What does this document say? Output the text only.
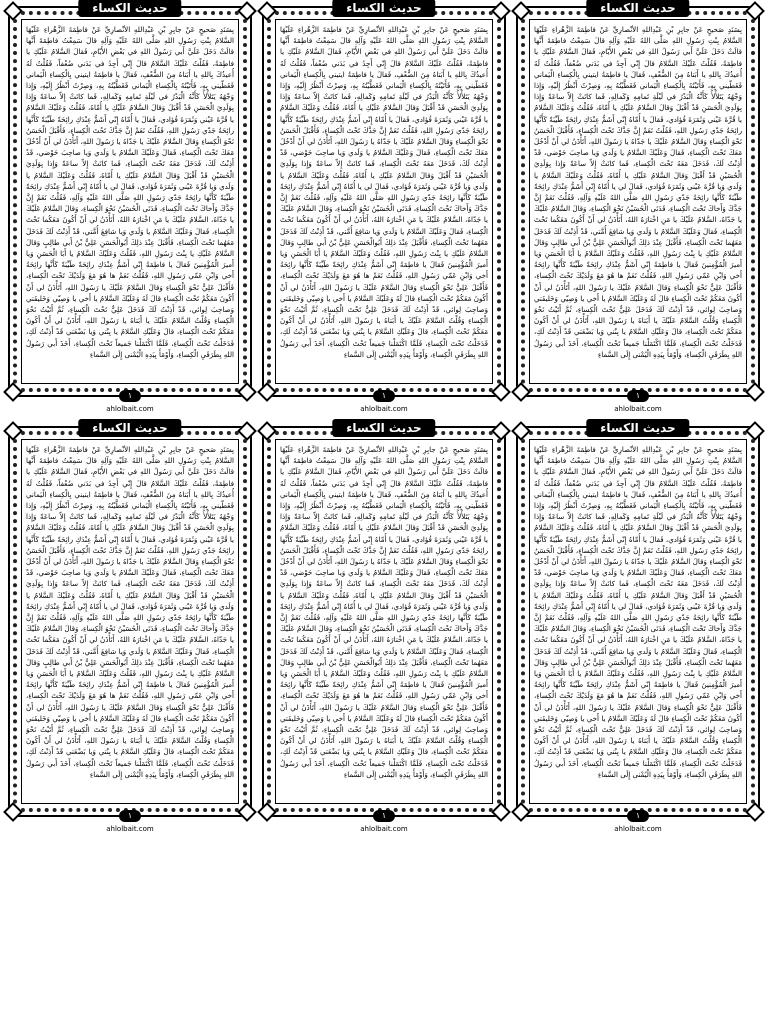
حديث الكساء
بِسَنَدٍ صَحيحٍ عَنْ جابِرِ بْنِ عَبْدِاللهِ الأنْصارِيِّ عَنْ فاطِمَةَ الزَّهْراءِ عَلَيْهَا السَّلامُ بِنْتِ رَسُولِ اللهِ صَلَّى اللهُ عَلَيْهِ وَآلِهِ قالَ سَمِعْتُ فاطِمَةَ أَنَّها قالَتْ دَخَلَ عَلَيَّ أَبي رَسُولُ اللهِ في بَعْضِ الأَيّامِ، فَقالَ السَّلامُ عَلَيْكِ يا فاطِمَةُ، فَقُلْتُ عَلَيْكَ السَّلامُ قالَ إِنّي أَجِدُ في بَدَني ضُعْفاً، فَقُلْتُ لَهُ أُعيذُكَ بِاللهِ يا أَبَتاهُ مِنَ الضُّعْفِ، فَقالَ يا فاطِمَةُ ايتيني بِالْكِساءِ الْيَماني فَغَطّيني بِهِ، فَأَتَيْتُهُ بِالْكِساءِ الْيَماني فَغَطَّيْتُهُ بِهِ، وَصِرْتُ أَنْظُرُ إِلَيْهِ، وَإِذا وَجْهُهُ يَتَلأْلأُ كَأَنَّهُ الْبَدْرُ في لَيْلَةِ تَمامِهِ وَكَمالِهِ، فَما كانَتْ إِلاّ ساعَةً وَإِذا بِوَلَدِيَ الْحَسَنِ قَدْ أَقْبَلَ وَقالَ السَّلامُ عَلَيْكِ يا أُمّاهُ، فَقُلْتُ وَعَلَيْكَ السَّلامُ يا قُرَّةَ عَيْني وَثَمَرَةَ فُؤادي، فَقالَ يا أُمّاهُ إِنّي أَشَمُّ عِنْدَكِ رائِحَةً طَيِّبَةً كَأَنَّها رائِحَةُ جَدّي رَسُولِ اللهِ، فَقُلْتُ نَعَمْ إِنَّ جَدَّكَ تَحْتَ الْكِساءِ، فَأَقْبَلَ الْحَسَنُ نَحْوَ الْكِساءِ وَقالَ السَّلامُ عَلَيْكَ يا جَدّاهُ يا رَسُولَ اللهِ، أَتَأْذَنُ لي أَنْ أَدْخُلَ مَعَكَ تَحْتَ الْكِساءِ، فَقالَ وَعَلَيْكَ السَّلامُ يا وَلَدي وَيا صاحِبَ حَوْضي، قَدْ أَذِنْتُ لَكَ، فَدَخَلَ مَعَهُ تَحْتَ الْكِساءِ، فَما كانَتْ إِلاّ ساعَةً وَإِذا بِوَلَدِيَ الْحُسَيْنِ قَدْ أَقْبَلَ وَقالَ السَّلامُ عَلَيْكِ يا أُمّاهُ، فَقُلْتُ وَعَلَيْكَ السَّلامُ يا وَلَدي وَيا قُرَّةَ عَيْني وَثَمَرَةَ فُؤادي، فَقالَ لي يا أُمّاهُ إِنّي أَشَمُّ عِنْدَكِ رائِحَةً طَيِّبَةً كَأَنَّها رائِحَةُ جَدّي رَسُولِ اللهِ صَلَّى اللهُ عَلَيْهِ وَآلِهِ، فَقُلْتُ نَعَمْ إِنَّ جَدَّكَ وَأَخاكَ تَحْتَ الْكِساءِ، فَدَنَى الْحُسَيْنُ نَحْوَ الْكِساءِ، وَقالَ السَّلامُ عَلَيْكَ يا جَدّاهُ، السَّلامُ عَلَيْكَ يا مَنِ اخْتارَهُ اللهُ، أَتَأْذَنُ لي أَنْ أَكُونَ مَعَكُما تَحْتَ الْكِساءِ، فَقالَ وَعَلَيْكَ السَّلامُ يا وَلَدي وَيا شافِعَ أُمَّتي، قَدْ أَذِنْتُ لَكَ فَدَخَلَ مَعَهُما تَحْتَ الْكِساءِ، فَأَقْبَلَ عِنْدَ ذلِكَ أَبُوالْحَسَنِ عَلِيُّ بْنُ أَبي طالِبٍ وَقالَ السَّلامُ عَلَيْكِ يا بِنْتَ رَسُولِ اللهِ، فَقُلْتُ وَعَلَيْكَ السَّلامُ يا أَبَا الْحَسَنِ وَيا أَميرَ الْمُؤْمِنينَ فَقالَ يا فاطِمَةُ إِنّي أَشَمُّ عِنْدَكِ رائِحَةً طَيِّبَةً كَأَنَّها رائِحَةُ أَخي وَابْنِ عَمّي رَسُولِ اللهِ، فَقُلْتُ نَعَمْ ها هُوَ مَعَ وَلَدَيْكَ تَحْتَ الْكِساءِ، فَأَقْبَلَ عَلِيٌّ نَحْوَ الْكِساءِ وَقالَ السَّلامُ عَلَيْكَ يا رَسُولَ اللهِ، أَتَأْذَنُ لي أَنْ أَكُونَ مَعَكُمْ تَحْتَ الْكِساءِ قالَ لَهُ وَعَلَيْكَ السَّلامُ يا أَخي يا وَصِيّي وَخَليفَتي وَصاحِبَ لِوائي، قَدْ أَذِنْتُ لَكَ فَدَخَلَ عَلِيٌّ تَحْتَ الْكِساءِ، ثُمَّ أَتَيْتُ نَحْوَ الْكِساءِ وَقُلْتُ السَّلامُ عَلَيْكَ يا أَبَتاهُ يا رَسُولَ اللهِ، أَتَأْذَنُ لي أَنْ أَكُونَ مَعَكُمْ تَحْتَ الْكِساءِ، قالَ وَعَلَيْكِ السَّلامُ يا بِنْتي وَيا بَضْعَتي قَدْ أَذِنْتُ لَكِ، فَدَخَلْتُ تَحْتَ الْكِساءِ، فَلَمَّا اكْتَمَلْنا جَميعاً تَحْتَ الْكِساءِ، أَخَذَ أَبي رَسُولُ اللهِ بِطَرَفَيِ الْكِساءِ، وَأَوْمَأَ بِيَدِهِ الْيُمْنى إِلَى السَّماءِ
١
ahlolbait.com
حديث الكساء
بِسَنَدٍ صَحيحٍ عَنْ جابِرِ بْنِ عَبْدِاللهِ الأنْصارِيِّ عَنْ فاطِمَةَ الزَّهْراءِ عَلَيْهَا السَّلامُ بِنْتِ رَسُولِ اللهِ صَلَّى اللهُ عَلَيْهِ وَآلِهِ قالَ سَمِعْتُ فاطِمَةَ أَنَّها قالَتْ دَخَلَ عَلَيَّ أَبي رَسُولُ اللهِ في بَعْضِ الأَيّامِ، فَقالَ السَّلامُ عَلَيْكِ يا فاطِمَةُ، فَقُلْتُ عَلَيْكَ السَّلامُ قالَ إِنّي أَجِدُ في بَدَني ضُعْفاً، فَقُلْتُ لَهُ أُعيذُكَ بِاللهِ يا أَبَتاهُ مِنَ الضُّعْفِ، فَقالَ يا فاطِمَةُ ايتيني بِالْكِساءِ الْيَماني فَغَطّيني بِهِ، فَأَتَيْتُهُ بِالْكِساءِ الْيَماني فَغَطَّيْتُهُ بِهِ، وَصِرْتُ أَنْظُرُ إِلَيْهِ، وَإِذا وَجْهُهُ يَتَلأْلأُ كَأَنَّهُ الْبَدْرُ في لَيْلَةِ تَمامِهِ وَكَمالِهِ، فَما كانَتْ إِلاّ ساعَةً وَإِذا بِوَلَدِيَ الْحَسَنِ قَدْ أَقْبَلَ وَقالَ السَّلامُ عَلَيْكِ يا أُمّاهُ، فَقُلْتُ وَعَلَيْكَ السَّلامُ يا قُرَّةَ عَيْني وَثَمَرَةَ فُؤادي، فَقالَ يا أُمّاهُ إِنّي أَشَمُّ عِنْدَكِ رائِحَةً طَيِّبَةً كَأَنَّها رائِحَةُ جَدّي رَسُولِ اللهِ، فَقُلْتُ نَعَمْ إِنَّ جَدَّكَ تَحْتَ الْكِساءِ، فَأَقْبَلَ الْحَسَنُ نَحْوَ الْكِساءِ وَقالَ السَّلامُ عَلَيْكَ يا جَدّاهُ يا رَسُولَ اللهِ، أَتَأْذَنُ لي أَنْ أَدْخُلَ مَعَكَ تَحْتَ الْكِساءِ، فَقالَ وَعَلَيْكَ السَّلامُ يا وَلَدي وَيا صاحِبَ حَوْضي، قَدْ أَذِنْتُ لَكَ، فَدَخَلَ مَعَهُ تَحْتَ الْكِساءِ، فَما كانَتْ إِلاّ ساعَةً وَإِذا بِوَلَدِيَ الْحُسَيْنِ قَدْ أَقْبَلَ وَقالَ السَّلامُ عَلَيْكِ يا أُمّاهُ، فَقُلْتُ وَعَلَيْكَ السَّلامُ يا وَلَدي وَيا قُرَّةَ عَيْني وَثَمَرَةَ فُؤادي، فَقالَ لي يا أُمّاهُ إِنّي أَشَمُّ عِنْدَكِ رائِحَةً طَيِّبَةً كَأَنَّها رائِحَةُ جَدّي رَسُولِ اللهِ صَلَّى اللهُ عَلَيْهِ وَآلِهِ، فَقُلْتُ نَعَمْ إِنَّ جَدَّكَ وَأَخاكَ تَحْتَ الْكِساءِ، فَدَنَى الْحُسَيْنُ نَحْوَ الْكِساءِ، وَقالَ السَّلامُ عَلَيْكَ يا جَدّاهُ، السَّلامُ عَلَيْكَ يا مَنِ اخْتارَهُ اللهُ، أَتَأْذَنُ لي أَنْ أَكُونَ مَعَكُما تَحْتَ الْكِساءِ، فَقالَ وَعَلَيْكَ السَّلامُ يا وَلَدي وَيا شافِعَ أُمَّتي، قَدْ أَذِنْتُ لَكَ فَدَخَلَ مَعَهُما تَحْتَ الْكِساءِ، فَأَقْبَلَ عِنْدَ ذلِكَ أَبُوالْحَسَنِ عَلِيُّ بْنُ أَبي طالِبٍ وَقالَ السَّلامُ عَلَيْكِ يا بِنْتَ رَسُولِ اللهِ، فَقُلْتُ وَعَلَيْكَ السَّلامُ يا أَبَا الْحَسَنِ وَيا أَميرَ الْمُؤْمِنينَ فَقالَ يا فاطِمَةُ إِنّي أَشَمُّ عِنْدَكِ رائِحَةً طَيِّبَةً كَأَنَّها رائِحَةُ أَخي وَابْنِ عَمّي رَسُولِ اللهِ، فَقُلْتُ نَعَمْ ها هُوَ مَعَ وَلَدَيْكَ تَحْتَ الْكِساءِ، فَأَقْبَلَ عَلِيٌّ نَحْوَ الْكِساءِ وَقالَ السَّلامُ عَلَيْكَ يا رَسُولَ اللهِ، أَتَأْذَنُ لي أَنْ أَكُونَ مَعَكُمْ تَحْتَ الْكِساءِ قالَ لَهُ وَعَلَيْكَ السَّلامُ يا أَخي يا وَصِيّي وَخَليفَتي وَصاحِبَ لِوائي، قَدْ أَذِنْتُ لَكَ فَدَخَلَ عَلِيٌّ تَحْتَ الْكِساءِ، ثُمَّ أَتَيْتُ نَحْوَ الْكِساءِ وَقُلْتُ السَّلامُ عَلَيْكَ يا أَبَتاهُ يا رَسُولَ اللهِ، أَتَأْذَنُ لي أَنْ أَكُونَ مَعَكُمْ تَحْتَ الْكِساءِ، قالَ وَعَلَيْكِ السَّلامُ يا بِنْتي وَيا بَضْعَتي قَدْ أَذِنْتُ لَكِ، فَدَخَلْتُ تَحْتَ الْكِساءِ، فَلَمَّا اكْتَمَلْنا جَميعاً تَحْتَ الْكِساءِ، أَخَذَ أَبي رَسُولُ اللهِ بِطَرَفَيِ الْكِساءِ، وَأَوْمَأَ بِيَدِهِ الْيُمْنى إِلَى السَّماءِ
١
ahlolbait.com
حديث الكساء
بِسَنَدٍ صَحيحٍ عَنْ جابِرِ بْنِ عَبْدِاللهِ الأنْصارِيِّ عَنْ فاطِمَةَ الزَّهْراءِ عَلَيْهَا السَّلامُ بِنْتِ رَسُولِ اللهِ صَلَّى اللهُ عَلَيْهِ وَآلِهِ قالَ سَمِعْتُ فاطِمَةَ أَنَّها قالَتْ دَخَلَ عَلَيَّ أَبي رَسُولُ اللهِ في بَعْضِ الأَيّامِ، فَقالَ السَّلامُ عَلَيْكِ يا فاطِمَةُ، فَقُلْتُ عَلَيْكَ السَّلامُ قالَ إِنّي أَجِدُ في بَدَني ضُعْفاً، فَقُلْتُ لَهُ أُعيذُكَ بِاللهِ يا أَبَتاهُ مِنَ الضُّعْفِ، فَقالَ يا فاطِمَةُ ايتيني بِالْكِساءِ الْيَماني فَغَطّيني بِهِ، فَأَتَيْتُهُ بِالْكِساءِ الْيَماني فَغَطَّيْتُهُ بِهِ، وَصِرْتُ أَنْظُرُ إِلَيْهِ، وَإِذا وَجْهُهُ يَتَلأْلأُ كَأَنَّهُ الْبَدْرُ في لَيْلَةِ تَمامِهِ وَكَمالِهِ، فَما كانَتْ إِلاّ ساعَةً وَإِذا بِوَلَدِيَ الْحَسَنِ قَدْ أَقْبَلَ وَقالَ السَّلامُ عَلَيْكِ يا أُمّاهُ، فَقُلْتُ وَعَلَيْكَ السَّلامُ يا قُرَّةَ عَيْني وَثَمَرَةَ فُؤادي، فَقالَ يا أُمّاهُ إِنّي أَشَمُّ عِنْدَكِ رائِحَةً طَيِّبَةً كَأَنَّها رائِحَةُ جَدّي رَسُولِ اللهِ، فَقُلْتُ نَعَمْ إِنَّ جَدَّكَ تَحْتَ الْكِساءِ، فَأَقْبَلَ الْحَسَنُ نَحْوَ الْكِساءِ وَقالَ السَّلامُ عَلَيْكَ يا جَدّاهُ يا رَسُولَ اللهِ، أَتَأْذَنُ لي أَنْ أَدْخُلَ مَعَكَ تَحْتَ الْكِساءِ، فَقالَ وَعَلَيْكَ السَّلامُ يا وَلَدي وَيا صاحِبَ حَوْضي، قَدْ أَذِنْتُ لَكَ، فَدَخَلَ مَعَهُ تَحْتَ الْكِساءِ، فَما كانَتْ إِلاّ ساعَةً وَإِذا بِوَلَدِيَ الْحُسَيْنِ قَدْ أَقْبَلَ وَقالَ السَّلامُ عَلَيْكِ يا أُمّاهُ، فَقُلْتُ وَعَلَيْكَ السَّلامُ يا وَلَدي وَيا قُرَّةَ عَيْني وَثَمَرَةَ فُؤادي، فَقالَ لي يا أُمّاهُ إِنّي أَشَمُّ عِنْدَكِ رائِحَةً طَيِّبَةً كَأَنَّها رائِحَةُ جَدّي رَسُولِ اللهِ صَلَّى اللهُ عَلَيْهِ وَآلِهِ، فَقُلْتُ نَعَمْ إِنَّ جَدَّكَ وَأَخاكَ تَحْتَ الْكِساءِ، فَدَنَى الْحُسَيْنُ نَحْوَ الْكِساءِ، وَقالَ السَّلامُ عَلَيْكَ يا جَدّاهُ، السَّلامُ عَلَيْكَ يا مَنِ اخْتارَهُ اللهُ، أَتَأْذَنُ لي أَنْ أَكُونَ مَعَكُما تَحْتَ الْكِساءِ، فَقالَ وَعَلَيْكَ السَّلامُ يا وَلَدي وَيا شافِعَ أُمَّتي، قَدْ أَذِنْتُ لَكَ فَدَخَلَ مَعَهُما تَحْتَ الْكِساءِ، فَأَقْبَلَ عِنْدَ ذلِكَ أَبُوالْحَسَنِ عَلِيُّ بْنُ أَبي طالِبٍ وَقالَ السَّلامُ عَلَيْكِ يا بِنْتَ رَسُولِ اللهِ، فَقُلْتُ وَعَلَيْكَ السَّلامُ يا أَبَا الْحَسَنِ وَيا أَميرَ الْمُؤْمِنينَ فَقالَ يا فاطِمَةُ إِنّي أَشَمُّ عِنْدَكِ رائِحَةً طَيِّبَةً كَأَنَّها رائِحَةُ أَخي وَابْنِ عَمّي رَسُولِ اللهِ، فَقُلْتُ نَعَمْ ها هُوَ مَعَ وَلَدَيْكَ تَحْتَ الْكِساءِ، فَأَقْبَلَ عَلِيٌّ نَحْوَ الْكِساءِ وَقالَ السَّلامُ عَلَيْكَ يا رَسُولَ اللهِ، أَتَأْذَنُ لي أَنْ أَكُونَ مَعَكُمْ تَحْتَ الْكِساءِ قالَ لَهُ وَعَلَيْكَ السَّلامُ يا أَخي يا وَصِيّي وَخَليفَتي وَصاحِبَ لِوائي، قَدْ أَذِنْتُ لَكَ فَدَخَلَ عَلِيٌّ تَحْتَ الْكِساءِ، ثُمَّ أَتَيْتُ نَحْوَ الْكِساءِ وَقُلْتُ السَّلامُ عَلَيْكَ يا أَبَتاهُ يا رَسُولَ اللهِ، أَتَأْذَنُ لي أَنْ أَكُونَ مَعَكُمْ تَحْتَ الْكِساءِ، قالَ وَعَلَيْكِ السَّلامُ يا بِنْتي وَيا بَضْعَتي قَدْ أَذِنْتُ لَكِ، فَدَخَلْتُ تَحْتَ الْكِساءِ، فَلَمَّا اكْتَمَلْنا جَميعاً تَحْتَ الْكِساءِ، أَخَذَ أَبي رَسُولُ اللهِ بِطَرَفَيِ الْكِساءِ، وَأَوْمَأَ بِيَدِهِ الْيُمْنى إِلَى السَّماءِ
١
ahlolbait.com
حديث الكساء
بِسَنَدٍ صَحيحٍ عَنْ جابِرِ بْنِ عَبْدِاللهِ الأنْصارِيِّ عَنْ فاطِمَةَ الزَّهْراءِ عَلَيْهَا السَّلامُ بِنْتِ رَسُولِ اللهِ صَلَّى اللهُ عَلَيْهِ وَآلِهِ قالَ سَمِعْتُ فاطِمَةَ أَنَّها قالَتْ دَخَلَ عَلَيَّ أَبي رَسُولُ اللهِ في بَعْضِ الأَيّامِ، فَقالَ السَّلامُ عَلَيْكِ يا فاطِمَةُ، فَقُلْتُ عَلَيْكَ السَّلامُ قالَ إِنّي أَجِدُ في بَدَني ضُعْفاً، فَقُلْتُ لَهُ أُعيذُكَ بِاللهِ يا أَبَتاهُ مِنَ الضُّعْفِ، فَقالَ يا فاطِمَةُ ايتيني بِالْكِساءِ الْيَماني فَغَطّيني بِهِ، فَأَتَيْتُهُ بِالْكِساءِ الْيَماني فَغَطَّيْتُهُ بِهِ، وَصِرْتُ أَنْظُرُ إِلَيْهِ، وَإِذا وَجْهُهُ يَتَلأْلأُ كَأَنَّهُ الْبَدْرُ في لَيْلَةِ تَمامِهِ وَكَمالِهِ، فَما كانَتْ إِلاّ ساعَةً وَإِذا بِوَلَدِيَ الْحَسَنِ قَدْ أَقْبَلَ وَقالَ السَّلامُ عَلَيْكِ يا أُمّاهُ، فَقُلْتُ وَعَلَيْكَ السَّلامُ يا قُرَّةَ عَيْني وَثَمَرَةَ فُؤادي، فَقالَ يا أُمّاهُ إِنّي أَشَمُّ عِنْدَكِ رائِحَةً طَيِّبَةً كَأَنَّها رائِحَةُ جَدّي رَسُولِ اللهِ، فَقُلْتُ نَعَمْ إِنَّ جَدَّكَ تَحْتَ الْكِساءِ، فَأَقْبَلَ الْحَسَنُ نَحْوَ الْكِساءِ وَقالَ السَّلامُ عَلَيْكَ يا جَدّاهُ يا رَسُولَ اللهِ، أَتَأْذَنُ لي أَنْ أَدْخُلَ مَعَكَ تَحْتَ الْكِساءِ، فَقالَ وَعَلَيْكَ السَّلامُ يا وَلَدي وَيا صاحِبَ حَوْضي، قَدْ أَذِنْتُ لَكَ، فَدَخَلَ مَعَهُ تَحْتَ الْكِساءِ، فَما كانَتْ إِلاّ ساعَةً وَإِذا بِوَلَدِيَ الْحُسَيْنِ قَدْ أَقْبَلَ وَقالَ السَّلامُ عَلَيْكِ يا أُمّاهُ، فَقُلْتُ وَعَلَيْكَ السَّلامُ يا وَلَدي وَيا قُرَّةَ عَيْني وَثَمَرَةَ فُؤادي، فَقالَ لي يا أُمّاهُ إِنّي أَشَمُّ عِنْدَكِ رائِحَةً طَيِّبَةً كَأَنَّها رائِحَةُ جَدّي رَسُولِ اللهِ صَلَّى اللهُ عَلَيْهِ وَآلِهِ، فَقُلْتُ نَعَمْ إِنَّ جَدَّكَ وَأَخاكَ تَحْتَ الْكِساءِ، فَدَنَى الْحُسَيْنُ نَحْوَ الْكِساءِ، وَقالَ السَّلامُ عَلَيْكَ يا جَدّاهُ، السَّلامُ عَلَيْكَ يا مَنِ اخْتارَهُ اللهُ، أَتَأْذَنُ لي أَنْ أَكُونَ مَعَكُما تَحْتَ الْكِساءِ، فَقالَ وَعَلَيْكَ السَّلامُ يا وَلَدي وَيا شافِعَ أُمَّتي، قَدْ أَذِنْتُ لَكَ فَدَخَلَ مَعَهُما تَحْتَ الْكِساءِ، فَأَقْبَلَ عِنْدَ ذلِكَ أَبُوالْحَسَنِ عَلِيُّ بْنُ أَبي طالِبٍ وَقالَ السَّلامُ عَلَيْكِ يا بِنْتَ رَسُولِ اللهِ، فَقُلْتُ وَعَلَيْكَ السَّلامُ يا أَبَا الْحَسَنِ وَيا أَميرَ الْمُؤْمِنينَ فَقالَ يا فاطِمَةُ إِنّي أَشَمُّ عِنْدَكِ رائِحَةً طَيِّبَةً كَأَنَّها رائِحَةُ أَخي وَابْنِ عَمّي رَسُولِ اللهِ، فَقُلْتُ نَعَمْ ها هُوَ مَعَ وَلَدَيْكَ تَحْتَ الْكِساءِ، فَأَقْبَلَ عَلِيٌّ نَحْوَ الْكِساءِ وَقالَ السَّلامُ عَلَيْكَ يا رَسُولَ اللهِ، أَتَأْذَنُ لي أَنْ أَكُونَ مَعَكُمْ تَحْتَ الْكِساءِ قالَ لَهُ وَعَلَيْكَ السَّلامُ يا أَخي يا وَصِيّي وَخَليفَتي وَصاحِبَ لِوائي، قَدْ أَذِنْتُ لَكَ فَدَخَلَ عَلِيٌّ تَحْتَ الْكِساءِ، ثُمَّ أَتَيْتُ نَحْوَ الْكِساءِ وَقُلْتُ السَّلامُ عَلَيْكَ يا أَبَتاهُ يا رَسُولَ اللهِ، أَتَأْذَنُ لي أَنْ أَكُونَ مَعَكُمْ تَحْتَ الْكِساءِ، قالَ وَعَلَيْكِ السَّلامُ يا بِنْتي وَيا بَضْعَتي قَدْ أَذِنْتُ لَكِ، فَدَخَلْتُ تَحْتَ الْكِساءِ، فَلَمَّا اكْتَمَلْنا جَميعاً تَحْتَ الْكِساءِ، أَخَذَ أَبي رَسُولُ اللهِ بِطَرَفَيِ الْكِساءِ، وَأَوْمَأَ بِيَدِهِ الْيُمْنى إِلَى السَّماءِ
١
ahlolbait.com
حديث الكساء
بِسَنَدٍ صَحيحٍ عَنْ جابِرِ بْنِ عَبْدِاللهِ الأنْصارِيِّ عَنْ فاطِمَةَ الزَّهْراءِ عَلَيْهَا السَّلامُ بِنْتِ رَسُولِ اللهِ صَلَّى اللهُ عَلَيْهِ وَآلِهِ قالَ سَمِعْتُ فاطِمَةَ أَنَّها قالَتْ دَخَلَ عَلَيَّ أَبي رَسُولُ اللهِ في بَعْضِ الأَيّامِ، فَقالَ السَّلامُ عَلَيْكِ يا فاطِمَةُ، فَقُلْتُ عَلَيْكَ السَّلامُ قالَ إِنّي أَجِدُ في بَدَني ضُعْفاً، فَقُلْتُ لَهُ أُعيذُكَ بِاللهِ يا أَبَتاهُ مِنَ الضُّعْفِ، فَقالَ يا فاطِمَةُ ايتيني بِالْكِساءِ الْيَماني فَغَطّيني بِهِ، فَأَتَيْتُهُ بِالْكِساءِ الْيَماني فَغَطَّيْتُهُ بِهِ، وَصِرْتُ أَنْظُرُ إِلَيْهِ، وَإِذا وَجْهُهُ يَتَلأْلأُ كَأَنَّهُ الْبَدْرُ في لَيْلَةِ تَمامِهِ وَكَمالِهِ، فَما كانَتْ إِلاّ ساعَةً وَإِذا بِوَلَدِيَ الْحَسَنِ قَدْ أَقْبَلَ وَقالَ السَّلامُ عَلَيْكِ يا أُمّاهُ، فَقُلْتُ وَعَلَيْكَ السَّلامُ يا قُرَّةَ عَيْني وَثَمَرَةَ فُؤادي، فَقالَ يا أُمّاهُ إِنّي أَشَمُّ عِنْدَكِ رائِحَةً طَيِّبَةً كَأَنَّها رائِحَةُ جَدّي رَسُولِ اللهِ، فَقُلْتُ نَعَمْ إِنَّ جَدَّكَ تَحْتَ الْكِساءِ، فَأَقْبَلَ الْحَسَنُ نَحْوَ الْكِساءِ وَقالَ السَّلامُ عَلَيْكَ يا جَدّاهُ يا رَسُولَ اللهِ، أَتَأْذَنُ لي أَنْ أَدْخُلَ مَعَكَ تَحْتَ الْكِساءِ، فَقالَ وَعَلَيْكَ السَّلامُ يا وَلَدي وَيا صاحِبَ حَوْضي، قَدْ أَذِنْتُ لَكَ، فَدَخَلَ مَعَهُ تَحْتَ الْكِساءِ، فَما كانَتْ إِلاّ ساعَةً وَإِذا بِوَلَدِيَ الْحُسَيْنِ قَدْ أَقْبَلَ وَقالَ السَّلامُ عَلَيْكِ يا أُمّاهُ، فَقُلْتُ وَعَلَيْكَ السَّلامُ يا وَلَدي وَيا قُرَّةَ عَيْني وَثَمَرَةَ فُؤادي، فَقالَ لي يا أُمّاهُ إِنّي أَشَمُّ عِنْدَكِ رائِحَةً طَيِّبَةً كَأَنَّها رائِحَةُ جَدّي رَسُولِ اللهِ صَلَّى اللهُ عَلَيْهِ وَآلِهِ، فَقُلْتُ نَعَمْ إِنَّ جَدَّكَ وَأَخاكَ تَحْتَ الْكِساءِ، فَدَنَى الْحُسَيْنُ نَحْوَ الْكِساءِ، وَقالَ السَّلامُ عَلَيْكَ يا جَدّاهُ، السَّلامُ عَلَيْكَ يا مَنِ اخْتارَهُ اللهُ، أَتَأْذَنُ لي أَنْ أَكُونَ مَعَكُما تَحْتَ الْكِساءِ، فَقالَ وَعَلَيْكَ السَّلامُ يا وَلَدي وَيا شافِعَ أُمَّتي، قَدْ أَذِنْتُ لَكَ فَدَخَلَ مَعَهُما تَحْتَ الْكِساءِ، فَأَقْبَلَ عِنْدَ ذلِكَ أَبُوالْحَسَنِ عَلِيُّ بْنُ أَبي طالِبٍ وَقالَ السَّلامُ عَلَيْكِ يا بِنْتَ رَسُولِ اللهِ، فَقُلْتُ وَعَلَيْكَ السَّلامُ يا أَبَا الْحَسَنِ وَيا أَميرَ الْمُؤْمِنينَ فَقالَ يا فاطِمَةُ إِنّي أَشَمُّ عِنْدَكِ رائِحَةً طَيِّبَةً كَأَنَّها رائِحَةُ أَخي وَابْنِ عَمّي رَسُولِ اللهِ، فَقُلْتُ نَعَمْ ها هُوَ مَعَ وَلَدَيْكَ تَحْتَ الْكِساءِ، فَأَقْبَلَ عَلِيٌّ نَحْوَ الْكِساءِ وَقالَ السَّلامُ عَلَيْكَ يا رَسُولَ اللهِ، أَتَأْذَنُ لي أَنْ أَكُونَ مَعَكُمْ تَحْتَ الْكِساءِ قالَ لَهُ وَعَلَيْكَ السَّلامُ يا أَخي يا وَصِيّي وَخَليفَتي وَصاحِبَ لِوائي، قَدْ أَذِنْتُ لَكَ فَدَخَلَ عَلِيٌّ تَحْتَ الْكِساءِ، ثُمَّ أَتَيْتُ نَحْوَ الْكِساءِ وَقُلْتُ السَّلامُ عَلَيْكَ يا أَبَتاهُ يا رَسُولَ اللهِ، أَتَأْذَنُ لي أَنْ أَكُونَ مَعَكُمْ تَحْتَ الْكِساءِ، قالَ وَعَلَيْكِ السَّلامُ يا بِنْتي وَيا بَضْعَتي قَدْ أَذِنْتُ لَكِ، فَدَخَلْتُ تَحْتَ الْكِساءِ، فَلَمَّا اكْتَمَلْنا جَميعاً تَحْتَ الْكِساءِ، أَخَذَ أَبي رَسُولُ اللهِ بِطَرَفَيِ الْكِساءِ، وَأَوْمَأَ بِيَدِهِ الْيُمْنى إِلَى السَّماءِ
١
ahlolbait.com
حديث الكساء
بِسَنَدٍ صَحيحٍ عَنْ جابِرِ بْنِ عَبْدِاللهِ الأنْصارِيِّ عَنْ فاطِمَةَ الزَّهْراءِ عَلَيْهَا السَّلامُ بِنْتِ رَسُولِ اللهِ صَلَّى اللهُ عَلَيْهِ وَآلِهِ قالَ سَمِعْتُ فاطِمَةَ أَنَّها قالَتْ دَخَلَ عَلَيَّ أَبي رَسُولُ اللهِ في بَعْضِ الأَيّامِ، فَقالَ السَّلامُ عَلَيْكِ يا فاطِمَةُ، فَقُلْتُ عَلَيْكَ السَّلامُ قالَ إِنّي أَجِدُ في بَدَني ضُعْفاً، فَقُلْتُ لَهُ أُعيذُكَ بِاللهِ يا أَبَتاهُ مِنَ الضُّعْفِ، فَقالَ يا فاطِمَةُ ايتيني بِالْكِساءِ الْيَماني فَغَطّيني بِهِ، فَأَتَيْتُهُ بِالْكِساءِ الْيَماني فَغَطَّيْتُهُ بِهِ، وَصِرْتُ أَنْظُرُ إِلَيْهِ، وَإِذا وَجْهُهُ يَتَلأْلأُ كَأَنَّهُ الْبَدْرُ في لَيْلَةِ تَمامِهِ وَكَمالِهِ، فَما كانَتْ إِلاّ ساعَةً وَإِذا بِوَلَدِيَ الْحَسَنِ قَدْ أَقْبَلَ وَقالَ السَّلامُ عَلَيْكِ يا أُمّاهُ، فَقُلْتُ وَعَلَيْكَ السَّلامُ يا قُرَّةَ عَيْني وَثَمَرَةَ فُؤادي، فَقالَ يا أُمّاهُ إِنّي أَشَمُّ عِنْدَكِ رائِحَةً طَيِّبَةً كَأَنَّها رائِحَةُ جَدّي رَسُولِ اللهِ، فَقُلْتُ نَعَمْ إِنَّ جَدَّكَ تَحْتَ الْكِساءِ، فَأَقْبَلَ الْحَسَنُ نَحْوَ الْكِساءِ وَقالَ السَّلامُ عَلَيْكَ يا جَدّاهُ يا رَسُولَ اللهِ، أَتَأْذَنُ لي أَنْ أَدْخُلَ مَعَكَ تَحْتَ الْكِساءِ، فَقالَ وَعَلَيْكَ السَّلامُ يا وَلَدي وَيا صاحِبَ حَوْضي، قَدْ أَذِنْتُ لَكَ، فَدَخَلَ مَعَهُ تَحْتَ الْكِساءِ، فَما كانَتْ إِلاّ ساعَةً وَإِذا بِوَلَدِيَ الْحُسَيْنِ قَدْ أَقْبَلَ وَقالَ السَّلامُ عَلَيْكِ يا أُمّاهُ، فَقُلْتُ وَعَلَيْكَ السَّلامُ يا وَلَدي وَيا قُرَّةَ عَيْني وَثَمَرَةَ فُؤادي، فَقالَ لي يا أُمّاهُ إِنّي أَشَمُّ عِنْدَكِ رائِحَةً طَيِّبَةً كَأَنَّها رائِحَةُ جَدّي رَسُولِ اللهِ صَلَّى اللهُ عَلَيْهِ وَآلِهِ، فَقُلْتُ نَعَمْ إِنَّ جَدَّكَ وَأَخاكَ تَحْتَ الْكِساءِ، فَدَنَى الْحُسَيْنُ نَحْوَ الْكِساءِ، وَقالَ السَّلامُ عَلَيْكَ يا جَدّاهُ، السَّلامُ عَلَيْكَ يا مَنِ اخْتارَهُ اللهُ، أَتَأْذَنُ لي أَنْ أَكُونَ مَعَكُما تَحْتَ الْكِساءِ، فَقالَ وَعَلَيْكَ السَّلامُ يا وَلَدي وَيا شافِعَ أُمَّتي، قَدْ أَذِنْتُ لَكَ فَدَخَلَ مَعَهُما تَحْتَ الْكِساءِ، فَأَقْبَلَ عِنْدَ ذلِكَ أَبُوالْحَسَنِ عَلِيُّ بْنُ أَبي طالِبٍ وَقالَ السَّلامُ عَلَيْكِ يا بِنْتَ رَسُولِ اللهِ، فَقُلْتُ وَعَلَيْكَ السَّلامُ يا أَبَا الْحَسَنِ وَيا أَميرَ الْمُؤْمِنينَ فَقالَ يا فاطِمَةُ إِنّي أَشَمُّ عِنْدَكِ رائِحَةً طَيِّبَةً كَأَنَّها رائِحَةُ أَخي وَابْنِ عَمّي رَسُولِ اللهِ، فَقُلْتُ نَعَمْ ها هُوَ مَعَ وَلَدَيْكَ تَحْتَ الْكِساءِ، فَأَقْبَلَ عَلِيٌّ نَحْوَ الْكِساءِ وَقالَ السَّلامُ عَلَيْكَ يا رَسُولَ اللهِ، أَتَأْذَنُ لي أَنْ أَكُونَ مَعَكُمْ تَحْتَ الْكِساءِ قالَ لَهُ وَعَلَيْكَ السَّلامُ يا أَخي يا وَصِيّي وَخَليفَتي وَصاحِبَ لِوائي، قَدْ أَذِنْتُ لَكَ فَدَخَلَ عَلِيٌّ تَحْتَ الْكِساءِ، ثُمَّ أَتَيْتُ نَحْوَ الْكِساءِ وَقُلْتُ السَّلامُ عَلَيْكَ يا أَبَتاهُ يا رَسُولَ اللهِ، أَتَأْذَنُ لي أَنْ أَكُونَ مَعَكُمْ تَحْتَ الْكِساءِ، قالَ وَعَلَيْكِ السَّلامُ يا بِنْتي وَيا بَضْعَتي قَدْ أَذِنْتُ لَكِ، فَدَخَلْتُ تَحْتَ الْكِساءِ، فَلَمَّا اكْتَمَلْنا جَميعاً تَحْتَ الْكِساءِ، أَخَذَ أَبي رَسُولُ اللهِ بِطَرَفَيِ الْكِساءِ، وَأَوْمَأَ بِيَدِهِ الْيُمْنى إِلَى السَّماءِ
١
ahlolbait.com
